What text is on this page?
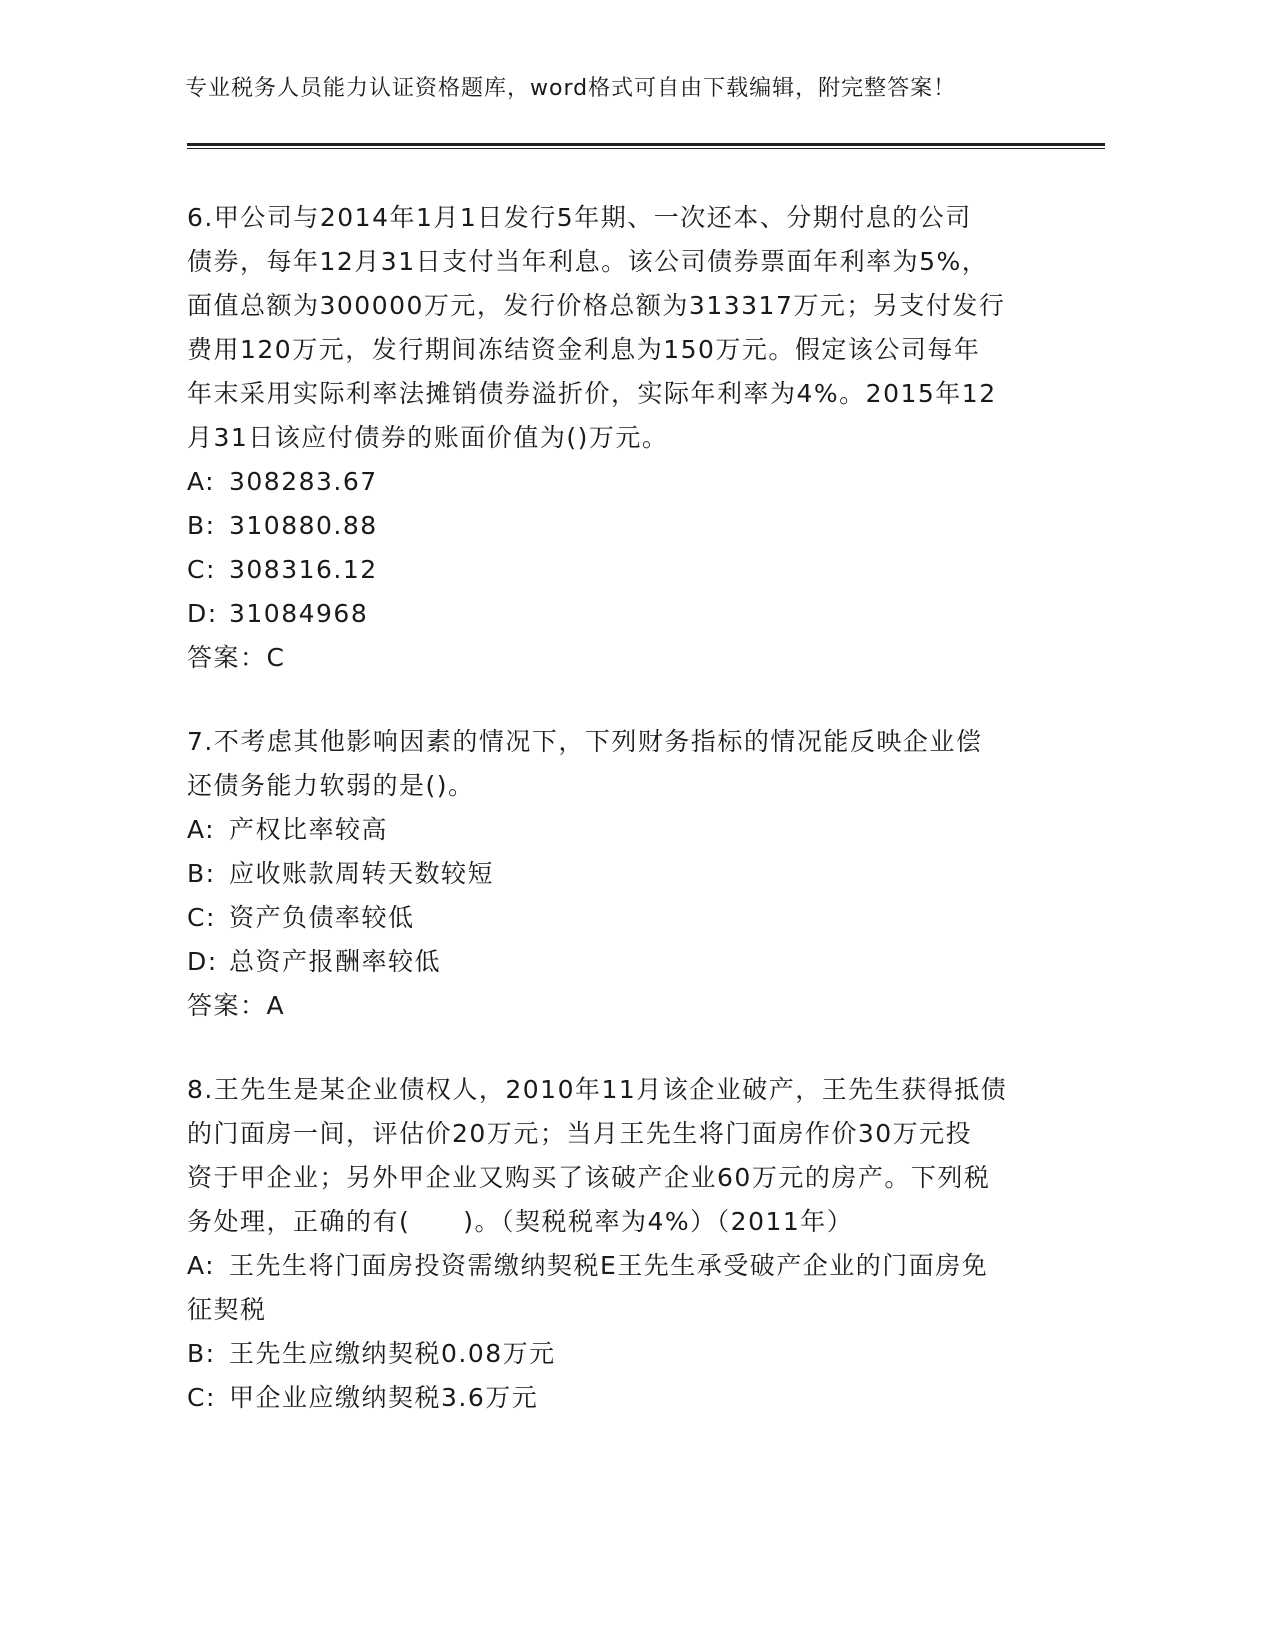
专业税务人员能力认证资格题库，word格式可自由下载编辑，附完整答案！
6.甲公司与2014年1月1日发行5年期、一次还本、分期付息的公司
债券，每年12月31日支付当年利息。该公司债券票面年利率为5%，
面值总额为300000万元，发行价格总额为313317万元；另支付发行
费用120万元，发行期间冻结资金利息为150万元。假定该公司每年
年末采用实际利率法摊销债券溢折价，实际年利率为4%。2015年12
月31日该应付债券的账面价值为()万元。
A: 308283.67
B: 310880.88
C: 308316.12
D: 31084968
答案：C
7.不考虑其他影响因素的情况下，下列财务指标的情况能反映企业偿
还债务能力软弱的是()。
A: 产权比率较高
B: 应收账款周转天数较短
C: 资产负债率较低
D: 总资产报酬率较低
答案：A
8.王先生是某企业债权人，2010年11月该企业破产，王先生获得抵债
的门面房一间，评估价20万元；当月王先生将门面房作价30万元投
资于甲企业；另外甲企业又购买了该破产企业60万元的房产。下列税
务处理，正确的有(　　)。（契税税率为4%）（2011年）
A: 王先生将门面房投资需缴纳契税E王先生承受破产企业的门面房免
征契税
B: 王先生应缴纳契税0.08万元
C: 甲企业应缴纳契税3.6万元
